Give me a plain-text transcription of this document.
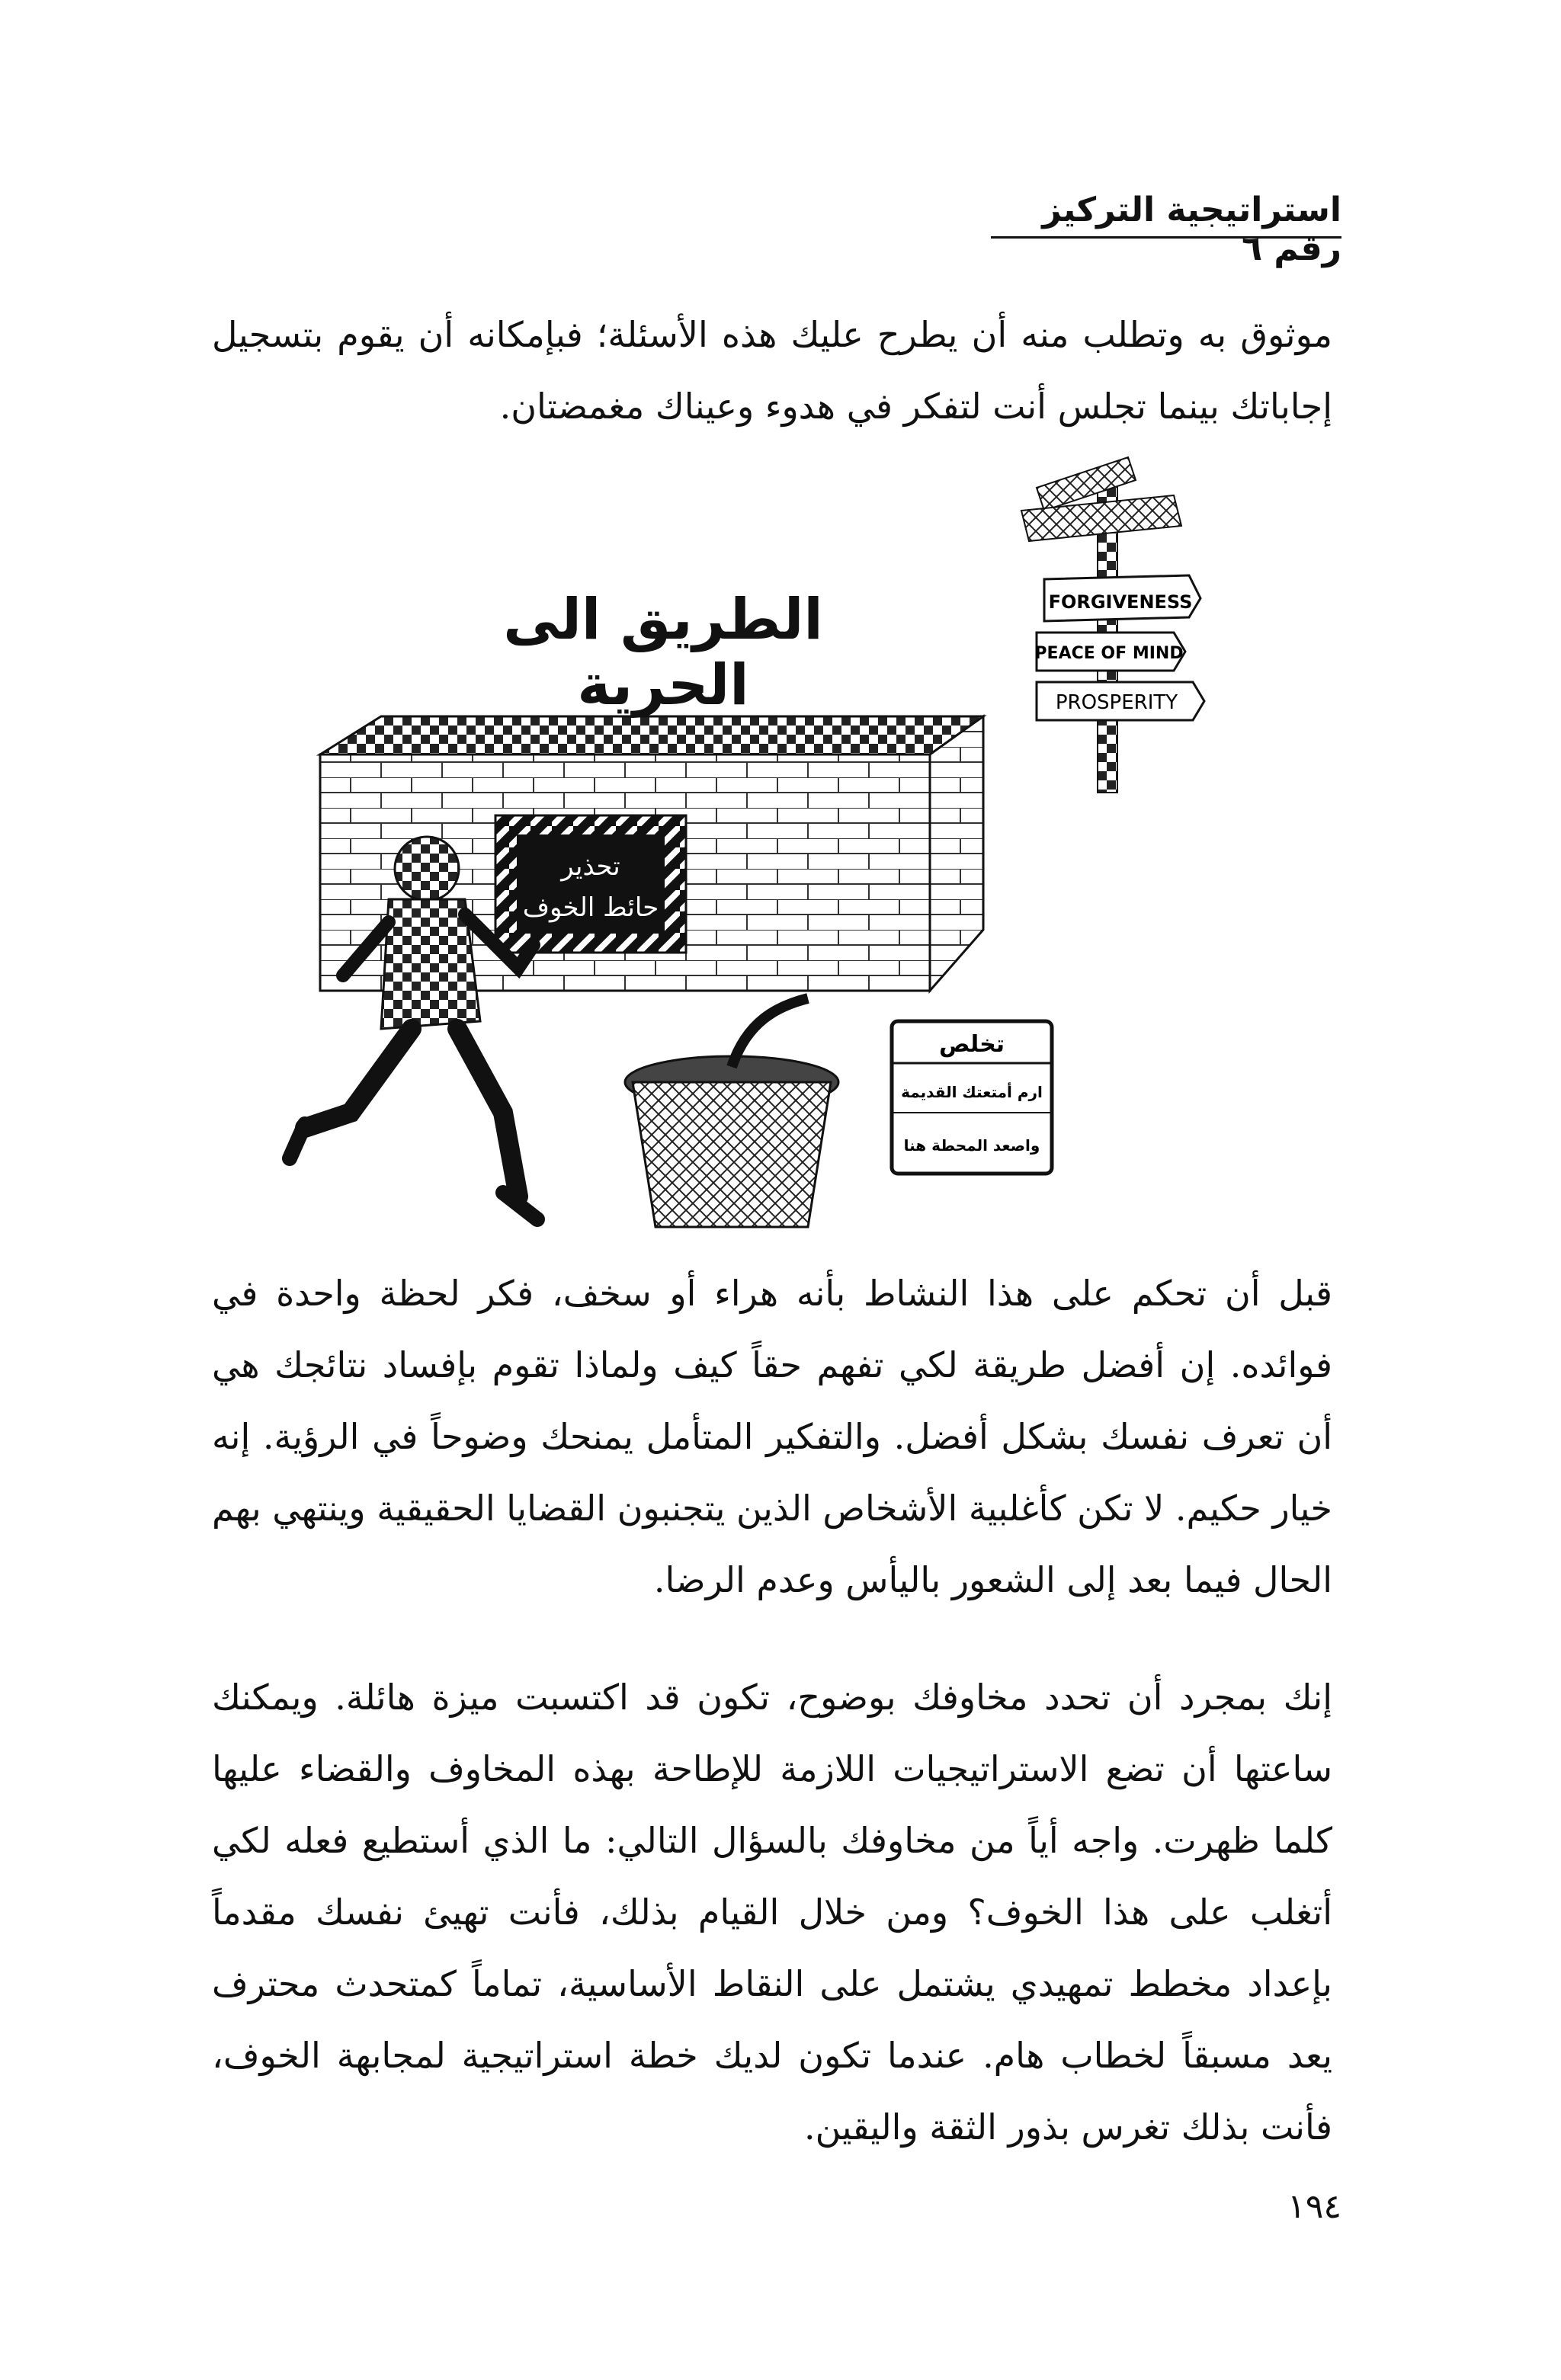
استراتيجية التركيز رقم ٦

موثوق به وتطلب منه أن يطرح عليك هذه الأسئلة؛ فبإمكانه أن يقوم بتسجيل إجاباتك بينما تجلس أنت لتفكر في هدوء وعيناك مغمضتان.

تحذير
حائط الخوف
FORGIVENESS
PEACE OF MIND
PROSPERITY
تخلص
ارم أمتعتك القديمة
واصعد المحطة هنا
الطريق الى الحرية

قبل أن تحكم على هذا النشاط بأنه هراء أو سخف، فكر لحظة واحدة في فوائده. إن أفضل طريقة لكي تفهم حقاً كيف ولماذا تقوم بإفساد نتائجك هي أن تعرف نفسك بشكل أفضل. والتفكير المتأمل يمنحك وضوحاً في الرؤية. إنه خيار حكيم. لا تكن كأغلبية الأشخاص الذين يتجنبون القضايا الحقيقية وينتهي بهم الحال فيما بعد إلى الشعور باليأس وعدم الرضا.

إنك بمجرد أن تحدد مخاوفك بوضوح، تكون قد اكتسبت ميزة هائلة. ويمكنك ساعتها أن تضع الاستراتيجيات اللازمة للإطاحة بهذه المخاوف والقضاء عليها كلما ظهرت. واجه أياً من مخاوفك بالسؤال التالي: ما الذي أستطيع فعله لكي أتغلب على هذا الخوف؟ ومن خلال القيام بذلك، فأنت تهيئ نفسك مقدماً بإعداد مخطط تمهيدي يشتمل على النقاط الأساسية، تماماً كمتحدث محترف يعد مسبقاً لخطاب هام. عندما تكون لديك خطة استراتيجية لمجابهة الخوف، فأنت بذلك تغرس بذور الثقة واليقين.

١٩٤
